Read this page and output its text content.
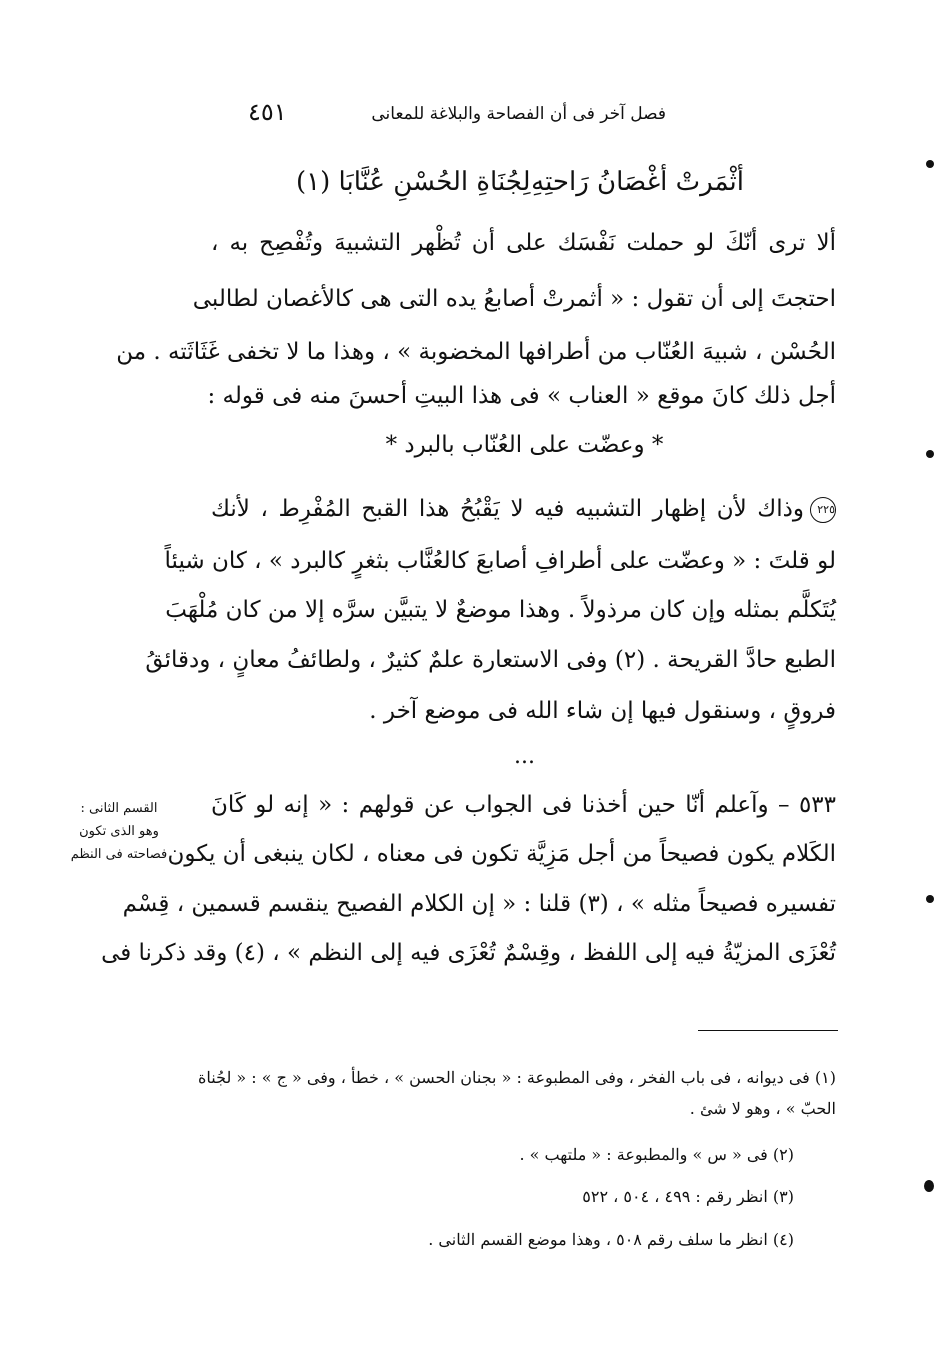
٤٥١	فصل آخر فى أن الفصاحة والبلاغة للمعانى
أثْمَرتْ أغْصَانُ رَاحتِهِ
لِجُنَاةِ الحُسْنِ عُنَّابَا (١)
ألا ترى أنّكَ لو حملت نَفْسَك على أن تُظْهر التشبيهَ وتُفْصِح به ،
احتجتَ إلى أن تقول : « أثمرتْ أصابعُ يده التى هى كالأغصان لطالبى
الحُسْن ، شبيهَ العُنّاب من أطرافها المخضوبة » ، وهذا ما لا تخفى غَثَاثَته . من
أجل ذلك كانَ موقع « العناب » فى هذا البيتِ أحسنَ منه فى قوله :
* وعضّت على العُنّاب بالبرد *
٢٢٥وذاك لأن إظهار التشبيه فيه لا يَقْبُحُ هذا القبح المُفْرِط ، لأنك
لو قلتَ : « وعضّت على أطرافِ أصابعَ كالعُنَّاب بثغرٍ كالبرد » ، كان شيئاً
يُتَكلَّم بمثله وإن كان مرذولاً . وهذا موضعٌ لا يتبيَّن سرَّه إلا من كان مُلْهَبَ
الطبع حادَّ القريحة . (٢) وفى الاستعارة علمٌ كثيرٌ ، ولطائفُ معانٍ ، ودقائقُ
فروقٍ ، وسنقول فيها إن شاء الله فى موضع آخر .
...
٥٣٣ – وآعلم أنّا حين أخذنا فى الجواب عن قولهم : « إنه لو كَانَ
الكَلام يكون فصيحاً من أجل مَزِيَّة تكون فى معناه ، لكان ينبغى أن يكون
تفسيره فصيحاً مثله » ، (٣) قلنا : « إن الكلام الفصيح ينقسم قسمين ، قِسْم
تُعْزَى المزيّةُ فيه إلى اللفظ ، وقِسْمٌ تُعْزَى فيه إلى النظم » ، (٤) وقد ذكرنا فى
القسم الثانى :
وهو الذى تكون
فصاحته فى النظم
(١) فى ديوانه ، فى باب الفخر ، وفى المطبوعة : « بجنان الحسن » ، خطأ ، وفى « ج » : « لجُناة
الحبّ » ، وهو لا شئ .
(٢) فى « س » والمطبوعة : « ملتهب » .
(٣) انظر رقم : ٤٩٩ ، ٥٠٤ ، ٥٢٢
(٤) انظر ما سلف رقم ٥٠٨ ، وهذا موضع القسم الثانى .
